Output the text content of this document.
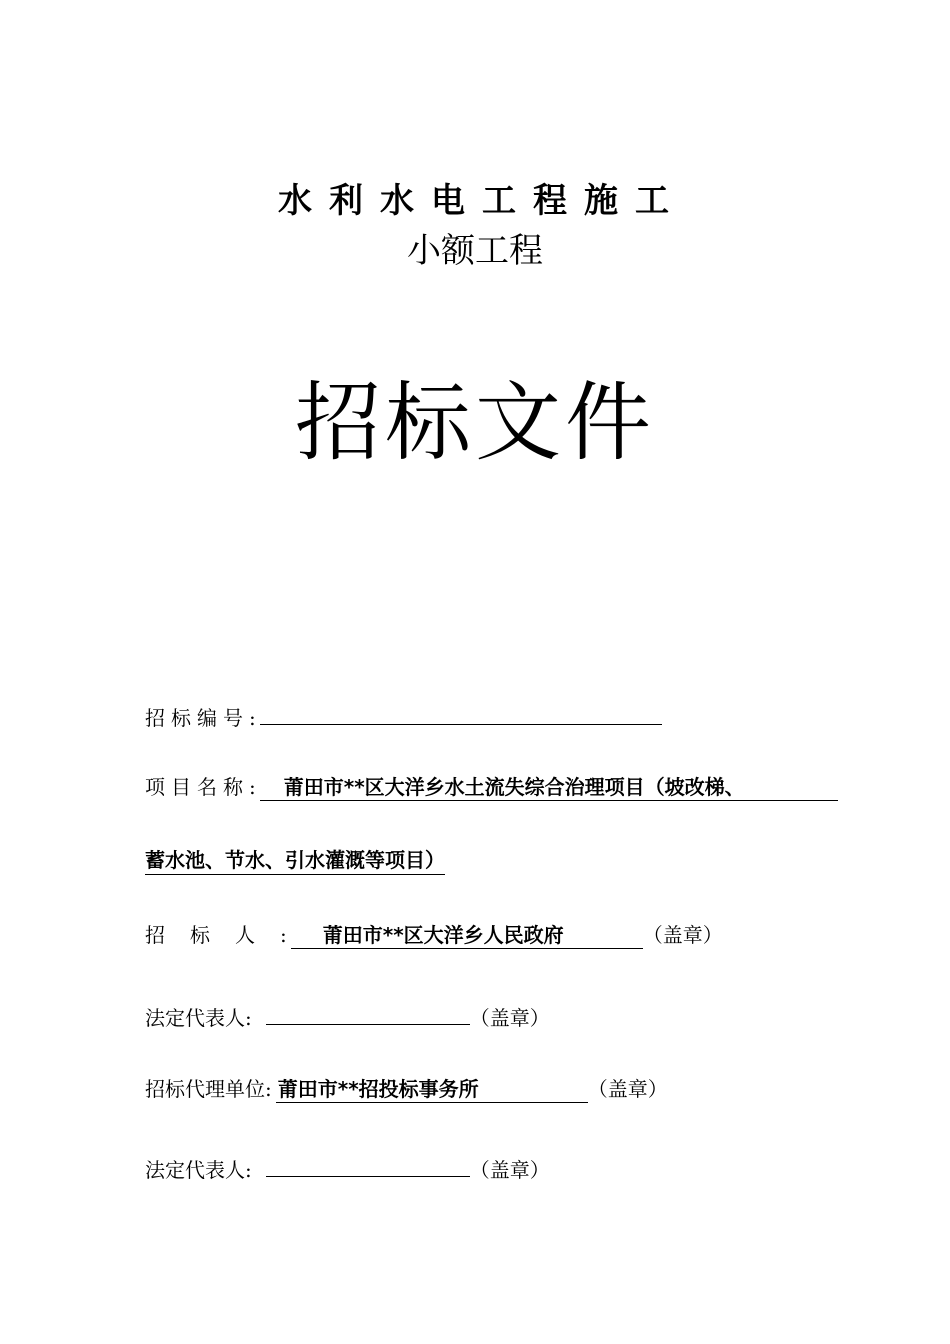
水利水电工程施工
小额工程
招标文件
招标编号 :
项目名称 :	莆田市**区大洋乡水土流失综合治理项目（坡改梯、
蓄水池、节水、引水灌溉等项目）
招标人 :	莆田市**区大洋乡人民政府	（盖章）
法定代表人 :	（盖章）
招标代理单位 : 莆田市**招投标事务所	（盖章）
法定代表人 :	（盖章）
